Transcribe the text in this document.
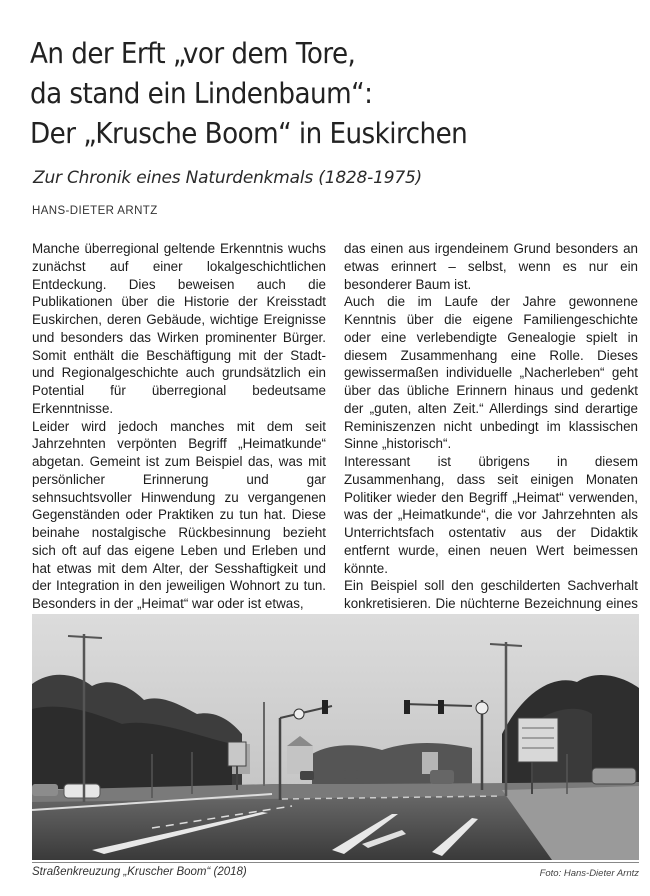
An der Erft „vor dem Tore,
da stand ein Lindenbaum“:
Der „Krusche Boom“ in Euskirchen

Zur Chronik eines Naturdenkmals (1828-1975)

HANS-DIETER ARNTZ

Manche überregional geltende Erkenntnis wuchs zunächst auf einer lokalgeschichtlichen Entdeckung. Dies beweisen auch die Publikationen über die Historie der Kreisstadt Euskirchen, deren Gebäude, wichtige Ereignisse und besonders das Wirken prominenter Bürger. Somit enthält die Beschäftigung mit der Stadt- und Regionalgeschichte auch grundsätzlich ein Potential für überregional bedeutsame Erkenntnisse.

Leider wird jedoch manches mit dem seit Jahrzehnten verpönten Begriff „Heimatkunde“ abgetan. Gemeint ist zum Beispiel das, was mit persönlicher Erinnerung und gar sehnsuchtsvoller Hinwendung zu vergangenen Gegenständen oder Praktiken zu tun hat. Diese beinahe nostalgische Rückbesinnung bezieht sich oft auf das eigene Leben und Erleben und hat etwas mit dem Alter, der Sesshaftigkeit und der Integration in den jeweiligen Wohnort zu tun. Besonders in der „Heimat“ war oder ist etwas,

das einen aus irgendeinem Grund besonders an etwas erinnert – selbst, wenn es nur ein besonderer Baum ist.

Auch die im Laufe der Jahre gewonnene Kenntnis über die eigene Familiengeschichte oder eine verlebendigte Genealogie spielt in diesem Zusammenhang eine Rolle. Dieses gewissermaßen individuelle „Nacherleben“ geht über das übliche Erinnern hinaus und gedenkt der „guten, alten Zeit.“ Allerdings sind derartige Reminiszenzen nicht unbedingt im klassischen Sinne „historisch“.

Interessant ist übrigens in diesem Zusammenhang, dass seit einigen Monaten Politiker wieder den Begriff „Heimat“ verwenden, was der „Heimatkunde“, die vor Jahrzehnten als Unterrichtsfach ostentativ aus der Didaktik entfernt wurde, einen neuen Wert beimessen könnte.

Ein Beispiel soll den geschilderten Sachverhalt konkretisieren. Die nüchterne Bezeichnung eines

Straßenkreuzung „Kruscher Boom“ (2018)	Foto: Hans-Dieter Arntz
